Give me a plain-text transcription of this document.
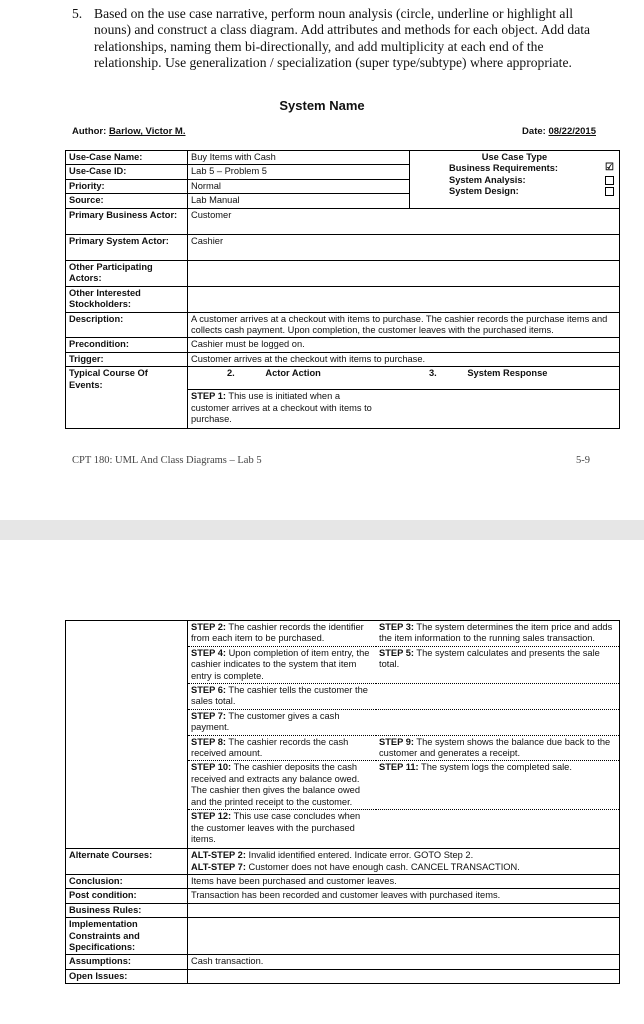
5. Based on the use case narrative, perform noun analysis (circle, underline or highlight all nouns) and construct a class diagram. Add attributes and methods for each object. Add data relationships, naming them bi-directionally, and add multiplicity at each end of the relationship. Use generalization / specialization (super type/subtype) where appropriate.
System Name
Author: Barlow, Victor M.	Date: 08/22/2015
Use-Case Name:	Buy Items with Cash	Use Case Type
Business Requirements:	☑
System Analysis:
System Design:

Use-Case ID:	Lab 5 – Problem 5
Priority:	Normal
Source:	Lab Manual
Primary Business Actor:	Customer
Primary System Actor:	Cashier
Other Participating Actors:	
Other Interested Stockholders:	
Description:	A customer arrives at a checkout with items to purchase. The cashier records the purchase items and collects cash payment. Upon completion, the customer leaves with the purchased items.
Precondition:	Cashier must be logged on.
Trigger:	Customer arrives at the checkout with items to purchase.
Typical Course Of Events:	
2.	Actor Action	3.	System Response
STEP 1: This use is initiated when a customer arrives at a checkout with items to purchase.	
CPT 180: UML And Class Diagrams – Lab 5	5-9

STEP 2: The cashier records the identifier from each item to be purchased.	STEP 3: The system determines the item price and adds the item information to the running sales transaction.
STEP 4: Upon completion of item entry, the cashier indicates to the system that item entry is complete.	STEP 5: The system calculates and presents the sale total.
STEP 6: The cashier tells the customer the sales total.	
STEP 7: The customer gives a cash payment.	
STEP 8: The cashier records the cash received amount.	STEP 9: The system shows the balance due back to the customer and generates a receipt.
STEP 10: The cashier deposits the cash received and extracts any balance owed. The cashier then gives the balance owed and the printed receipt to the customer.	STEP 11: The system logs the completed sale.
STEP 12: This use case concludes when the customer leaves with the purchased items.	

Alternate Courses:	ALT-STEP 2: Invalid identified entered. Indicate error. GOTO Step 2.
ALT-STEP 7: Customer does not have enough cash. CANCEL TRANSACTION.

Conclusion:	Items have been purchased and customer leaves.
Post condition:	Transaction has been recorded and customer leaves with purchased items.
Business Rules:	
Implementation Constraints and Specifications:	
Assumptions:	Cash transaction.
Open Issues:	
